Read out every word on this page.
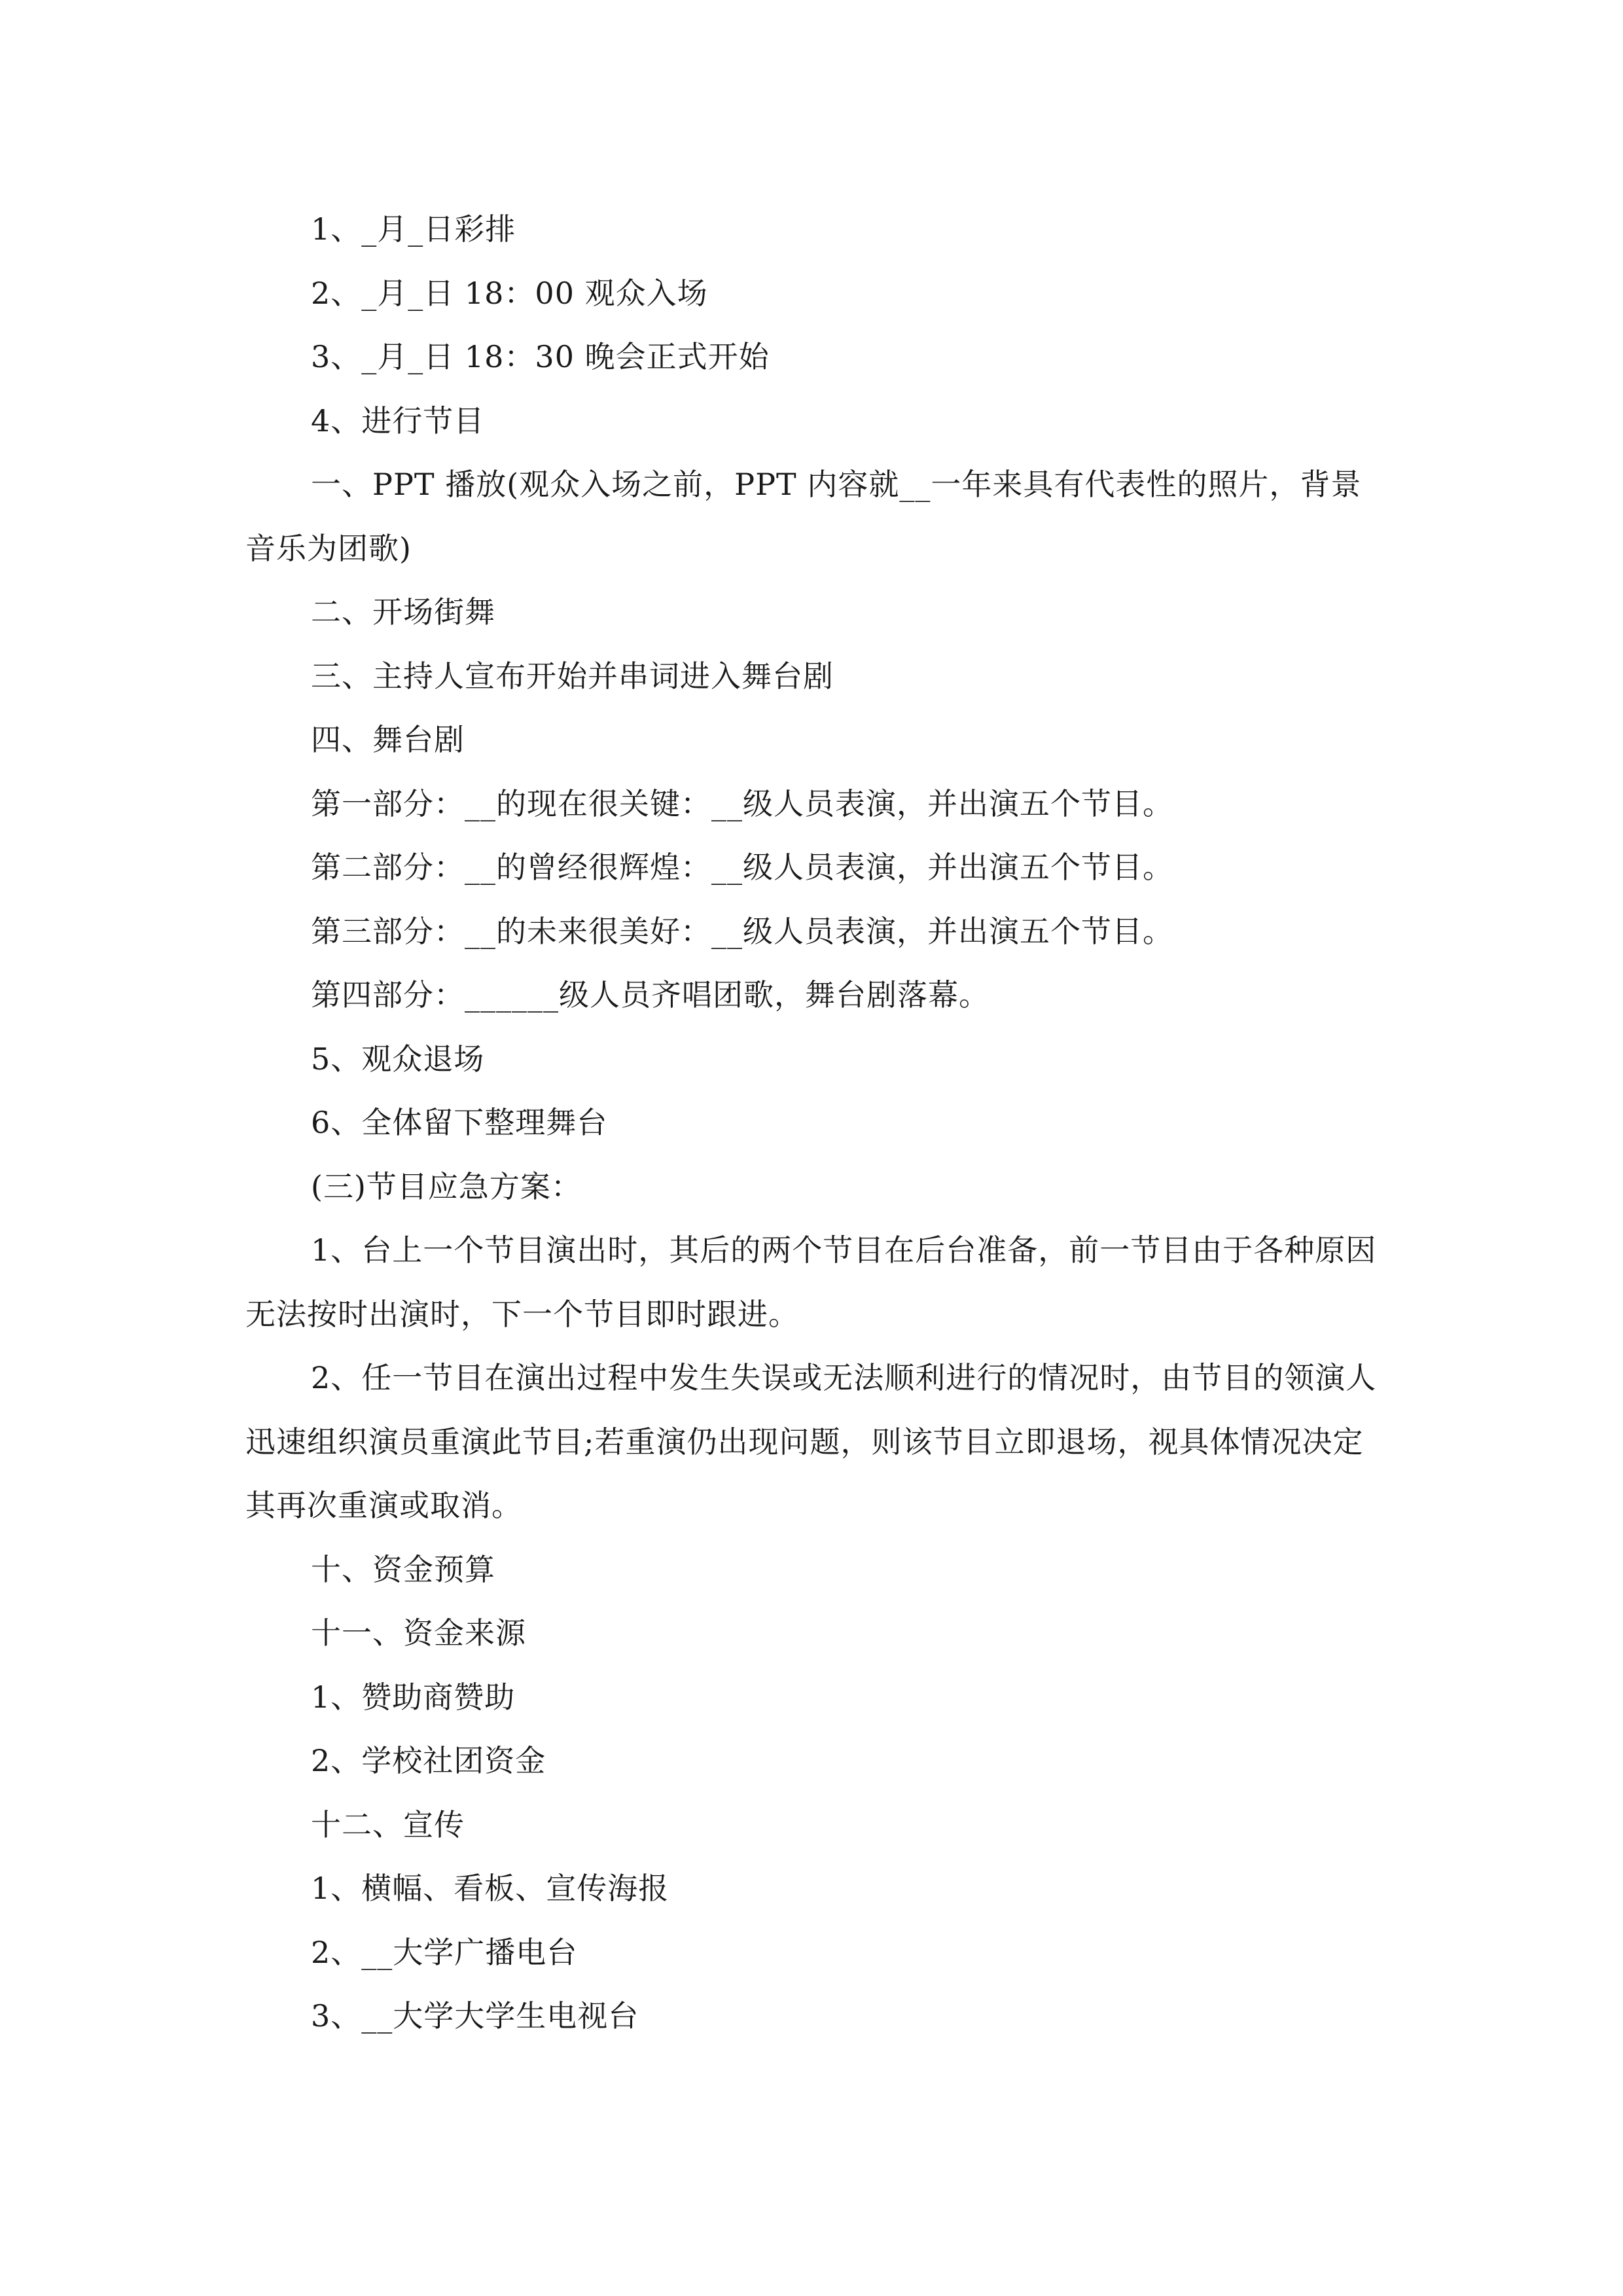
1、_月_日彩排

2、_月_日 18：00 观众入场

3、_月_日 18：30 晚会正式开始

4、进行节目

一、PPT 播放(观众入场之前，PPT 内容就__一年来具有代表性的照片，背景音乐为团歌)

二、开场街舞

三、主持人宣布开始并串词进入舞台剧

四、舞台剧

第一部分：__的现在很关键：__级人员表演，并出演五个节目。

第二部分：__的曾经很辉煌：__级人员表演，并出演五个节目。

第三部分：__的未来很美好：__级人员表演，并出演五个节目。

第四部分：______级人员齐唱团歌，舞台剧落幕。

5、观众退场

6、全体留下整理舞台

(三)节目应急方案：

1、台上一个节目演出时，其后的两个节目在后台准备，前一节目由于各种原因无法按时出演时，下一个节目即时跟进。

2、任一节目在演出过程中发生失误或无法顺利进行的情况时，由节目的领演人迅速组织演员重演此节目;若重演仍出现问题，则该节目立即退场，视具体情况决定其再次重演或取消。

十、资金预算

十一、资金来源

1、赞助商赞助

2、学校社团资金

十二、宣传

1、横幅、看板、宣传海报

2、__大学广播电台

3、__大学大学生电视台
